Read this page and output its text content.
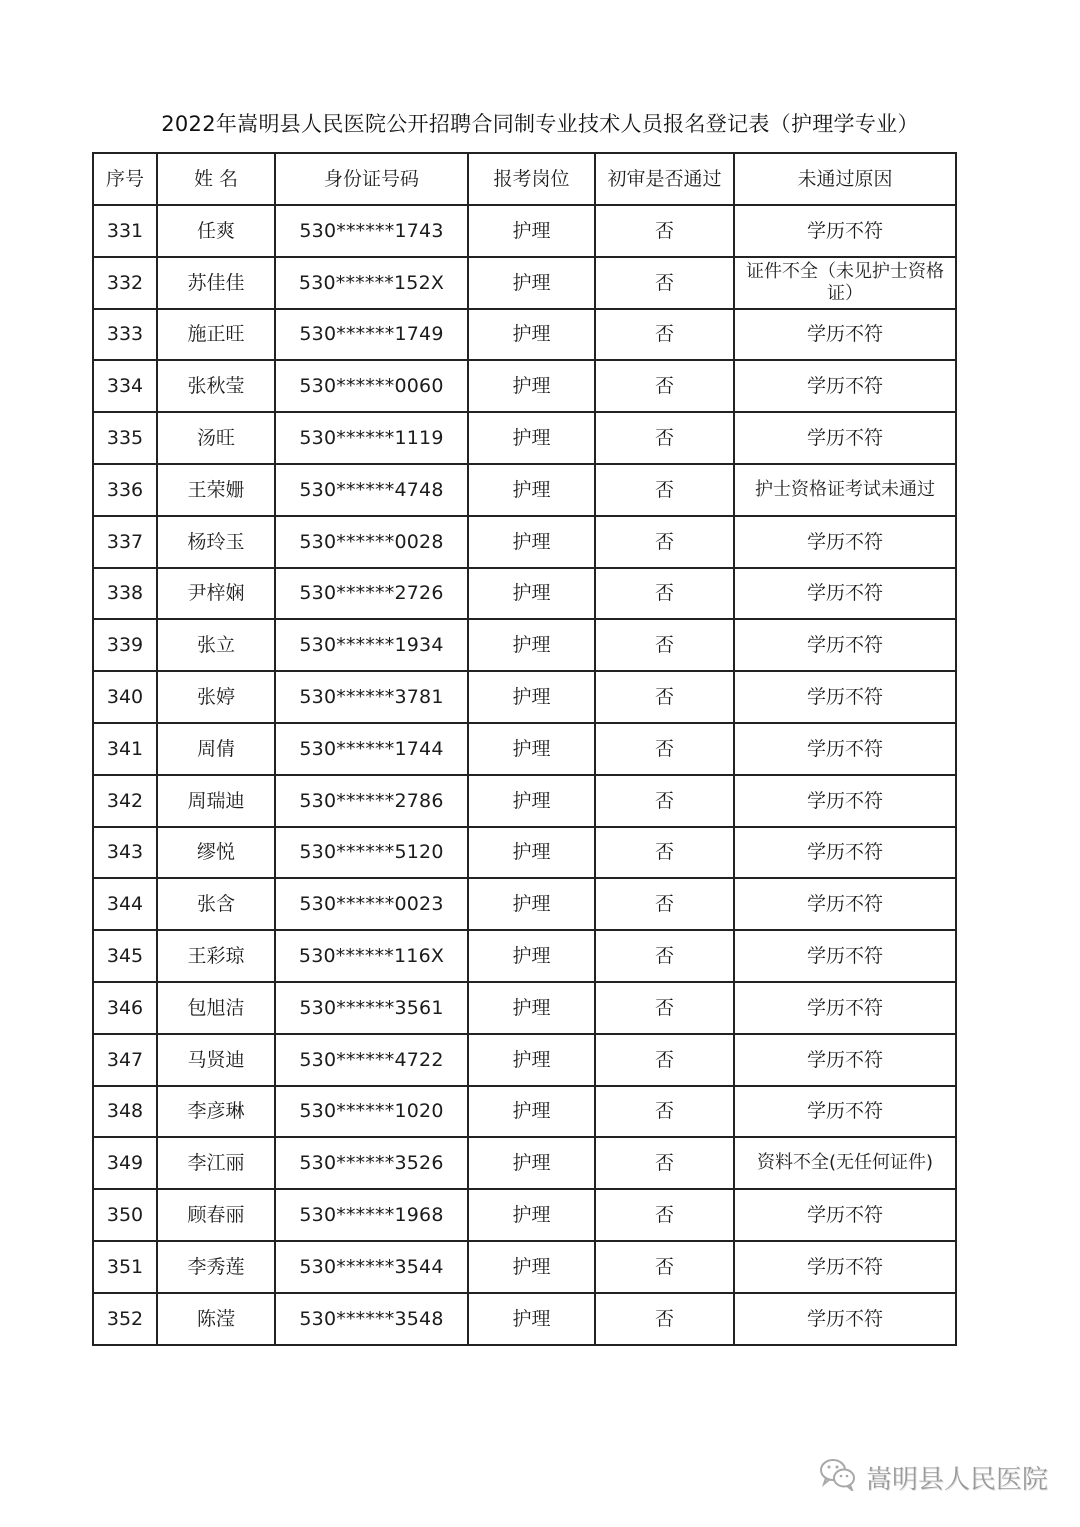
2022年嵩明县人民医院公开招聘合同制专业技术人员报名登记表（护理学专业）
序号	姓 名	身份证号码	报考岗位	初审是否通过	未通过原因
331	任爽	530******1743	护理	否	学历不符
332	苏佳佳	530******152X	护理	否	证件不全（未见护士资格证）
333	施正旺	530******1749	护理	否	学历不符
334	张秋莹	530******0060	护理	否	学历不符
335	汤旺	530******1119	护理	否	学历不符
336	王荣姗	530******4748	护理	否	护士资格证考试未通过
337	杨玲玉	530******0028	护理	否	学历不符
338	尹梓娴	530******2726	护理	否	学历不符
339	张立	530******1934	护理	否	学历不符
340	张婷	530******3781	护理	否	学历不符
341	周倩	530******1744	护理	否	学历不符
342	周瑞迪	530******2786	护理	否	学历不符
343	缪悦	530******5120	护理	否	学历不符
344	张含	530******0023	护理	否	学历不符
345	王彩琼	530******116X	护理	否	学历不符
346	包旭洁	530******3561	护理	否	学历不符
347	马贤迪	530******4722	护理	否	学历不符
348	李彦琳	530******1020	护理	否	学历不符
349	李江丽	530******3526	护理	否	资料不全(无任何证件)
350	顾春丽	530******1968	护理	否	学历不符
351	李秀莲	530******3544	护理	否	学历不符
352	陈滢	530******3548	护理	否	学历不符
嵩明县人民医院
